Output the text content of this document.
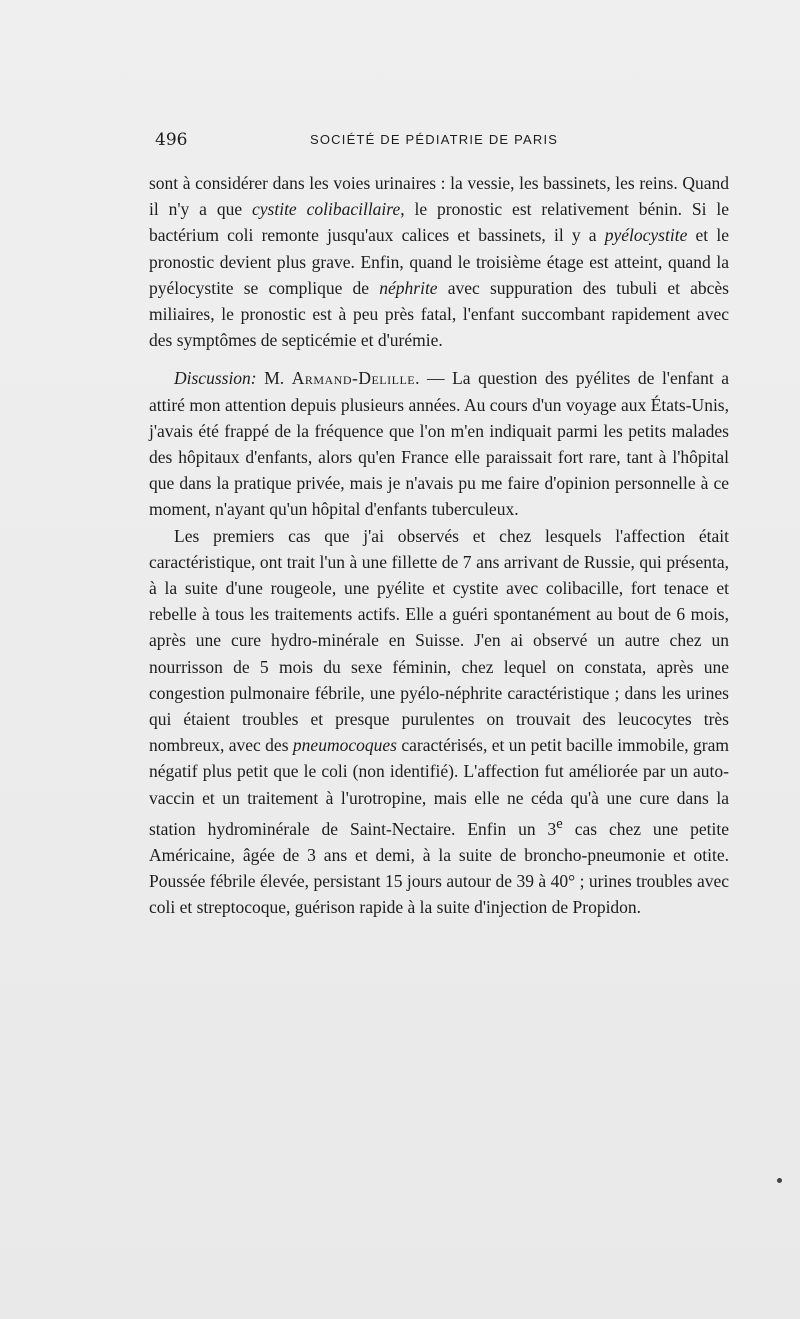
496	SOCIÉTÉ DE PÉDIATRIE DE PARIS

sont à considérer dans les voies urinaires : la vessie, les bassinets, les reins. Quand il n'y a que cystite colibacillaire, le pronostic est relativement bénin. Si le bactérium coli remonte jusqu'aux calices et bassinets, il y a pyélocystite et le pronostic devient plus grave. Enfin, quand le troisième étage est atteint, quand la pyélocystite se complique de néphrite avec suppuration des tubuli et abcès miliaires, le pronostic est à peu près fatal, l'enfant succombant rapidement avec des symptômes de septicémie et d'urémie.

Discussion: M. Armand-Delille. — La question des pyélites de l'enfant a attiré mon attention depuis plusieurs années. Au cours d'un voyage aux États-Unis, j'avais été frappé de la fréquence que l'on m'en indiquait parmi les petits malades des hôpitaux d'enfants, alors qu'en France elle paraissait fort rare, tant à l'hôpital que dans la pratique privée, mais je n'avais pu me faire d'opinion personnelle à ce moment, n'ayant qu'un hôpital d'enfants tuberculeux.

Les premiers cas que j'ai observés et chez lesquels l'affection était caractéristique, ont trait l'un à une fillette de 7 ans arrivant de Russie, qui présenta, à la suite d'une rougeole, une pyélite et cystite avec colibacille, fort tenace et rebelle à tous les traitements actifs. Elle a guéri spontanément au bout de 6 mois, après une cure hydro-minérale en Suisse. J'en ai observé un autre chez un nourrisson de 5 mois du sexe féminin, chez lequel on constata, après une congestion pulmonaire fébrile, une pyélo-néphrite caractéristique ; dans les urines qui étaient troubles et presque purulentes on trouvait des leucocytes très nombreux, avec des pneumocoques caractérisés, et un petit bacille immobile, gram négatif plus petit que le coli (non identifié). L'affection fut améliorée par un auto-vaccin et un traitement à l'urotropine, mais elle ne céda qu'à une cure dans la station hydrominérale de Saint-Nectaire. Enfin un 3e cas chez une petite Américaine, âgée de 3 ans et demi, à la suite de broncho-pneumonie et otite. Poussée fébrile élevée, persistant 15 jours autour de 39 à 40° ; urines troubles avec coli et streptocoque, guérison rapide à la suite d'injection de Propidon.
